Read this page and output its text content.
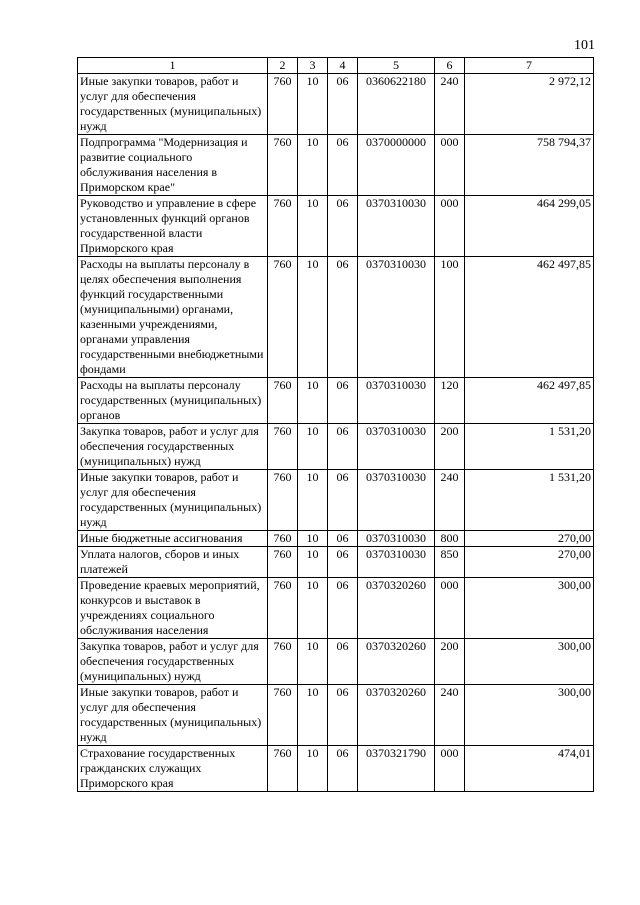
101
1	2	3	4	5	6	7
Иные закупки товаров, работ и услуг для обеспечения государственных (муниципальных) нужд	760	10	06	0360622180	240	2 972,12
Подпрограмма "Модернизация и развитие социального обслуживания населения в Приморском крае"	760	10	06	0370000000	000	758 794,37
Руководство и управление в сфере установленных функций органов государственной власти Приморского края	760	10	06	0370310030	000	464 299,05
Расходы на выплаты персоналу в целях обеспечения выполнения функций государственными (муниципальными) органами, казенными учреждениями, органами управления государственными внебюджетными фондами	760	10	06	0370310030	100	462 497,85
Расходы на выплаты персоналу государственных (муниципальных) органов	760	10	06	0370310030	120	462 497,85
Закупка товаров, работ и услуг для обеспечения государственных (муниципальных) нужд	760	10	06	0370310030	200	1 531,20
Иные закупки товаров, работ и услуг для обеспечения государственных (муниципальных) нужд	760	10	06	0370310030	240	1 531,20
Иные бюджетные ассигнования	760	10	06	0370310030	800	270,00
Уплата налогов, сборов и иных платежей	760	10	06	0370310030	850	270,00
Проведение краевых мероприятий, конкурсов и выставок в учреждениях социального обслуживания населения	760	10	06	0370320260	000	300,00
Закупка товаров, работ и услуг для обеспечения государственных (муниципальных) нужд	760	10	06	0370320260	200	300,00
Иные закупки товаров, работ и услуг для обеспечения государственных (муниципальных) нужд	760	10	06	0370320260	240	300,00
Страхование государственных гражданских служащих Приморского края	760	10	06	0370321790	000	474,01
